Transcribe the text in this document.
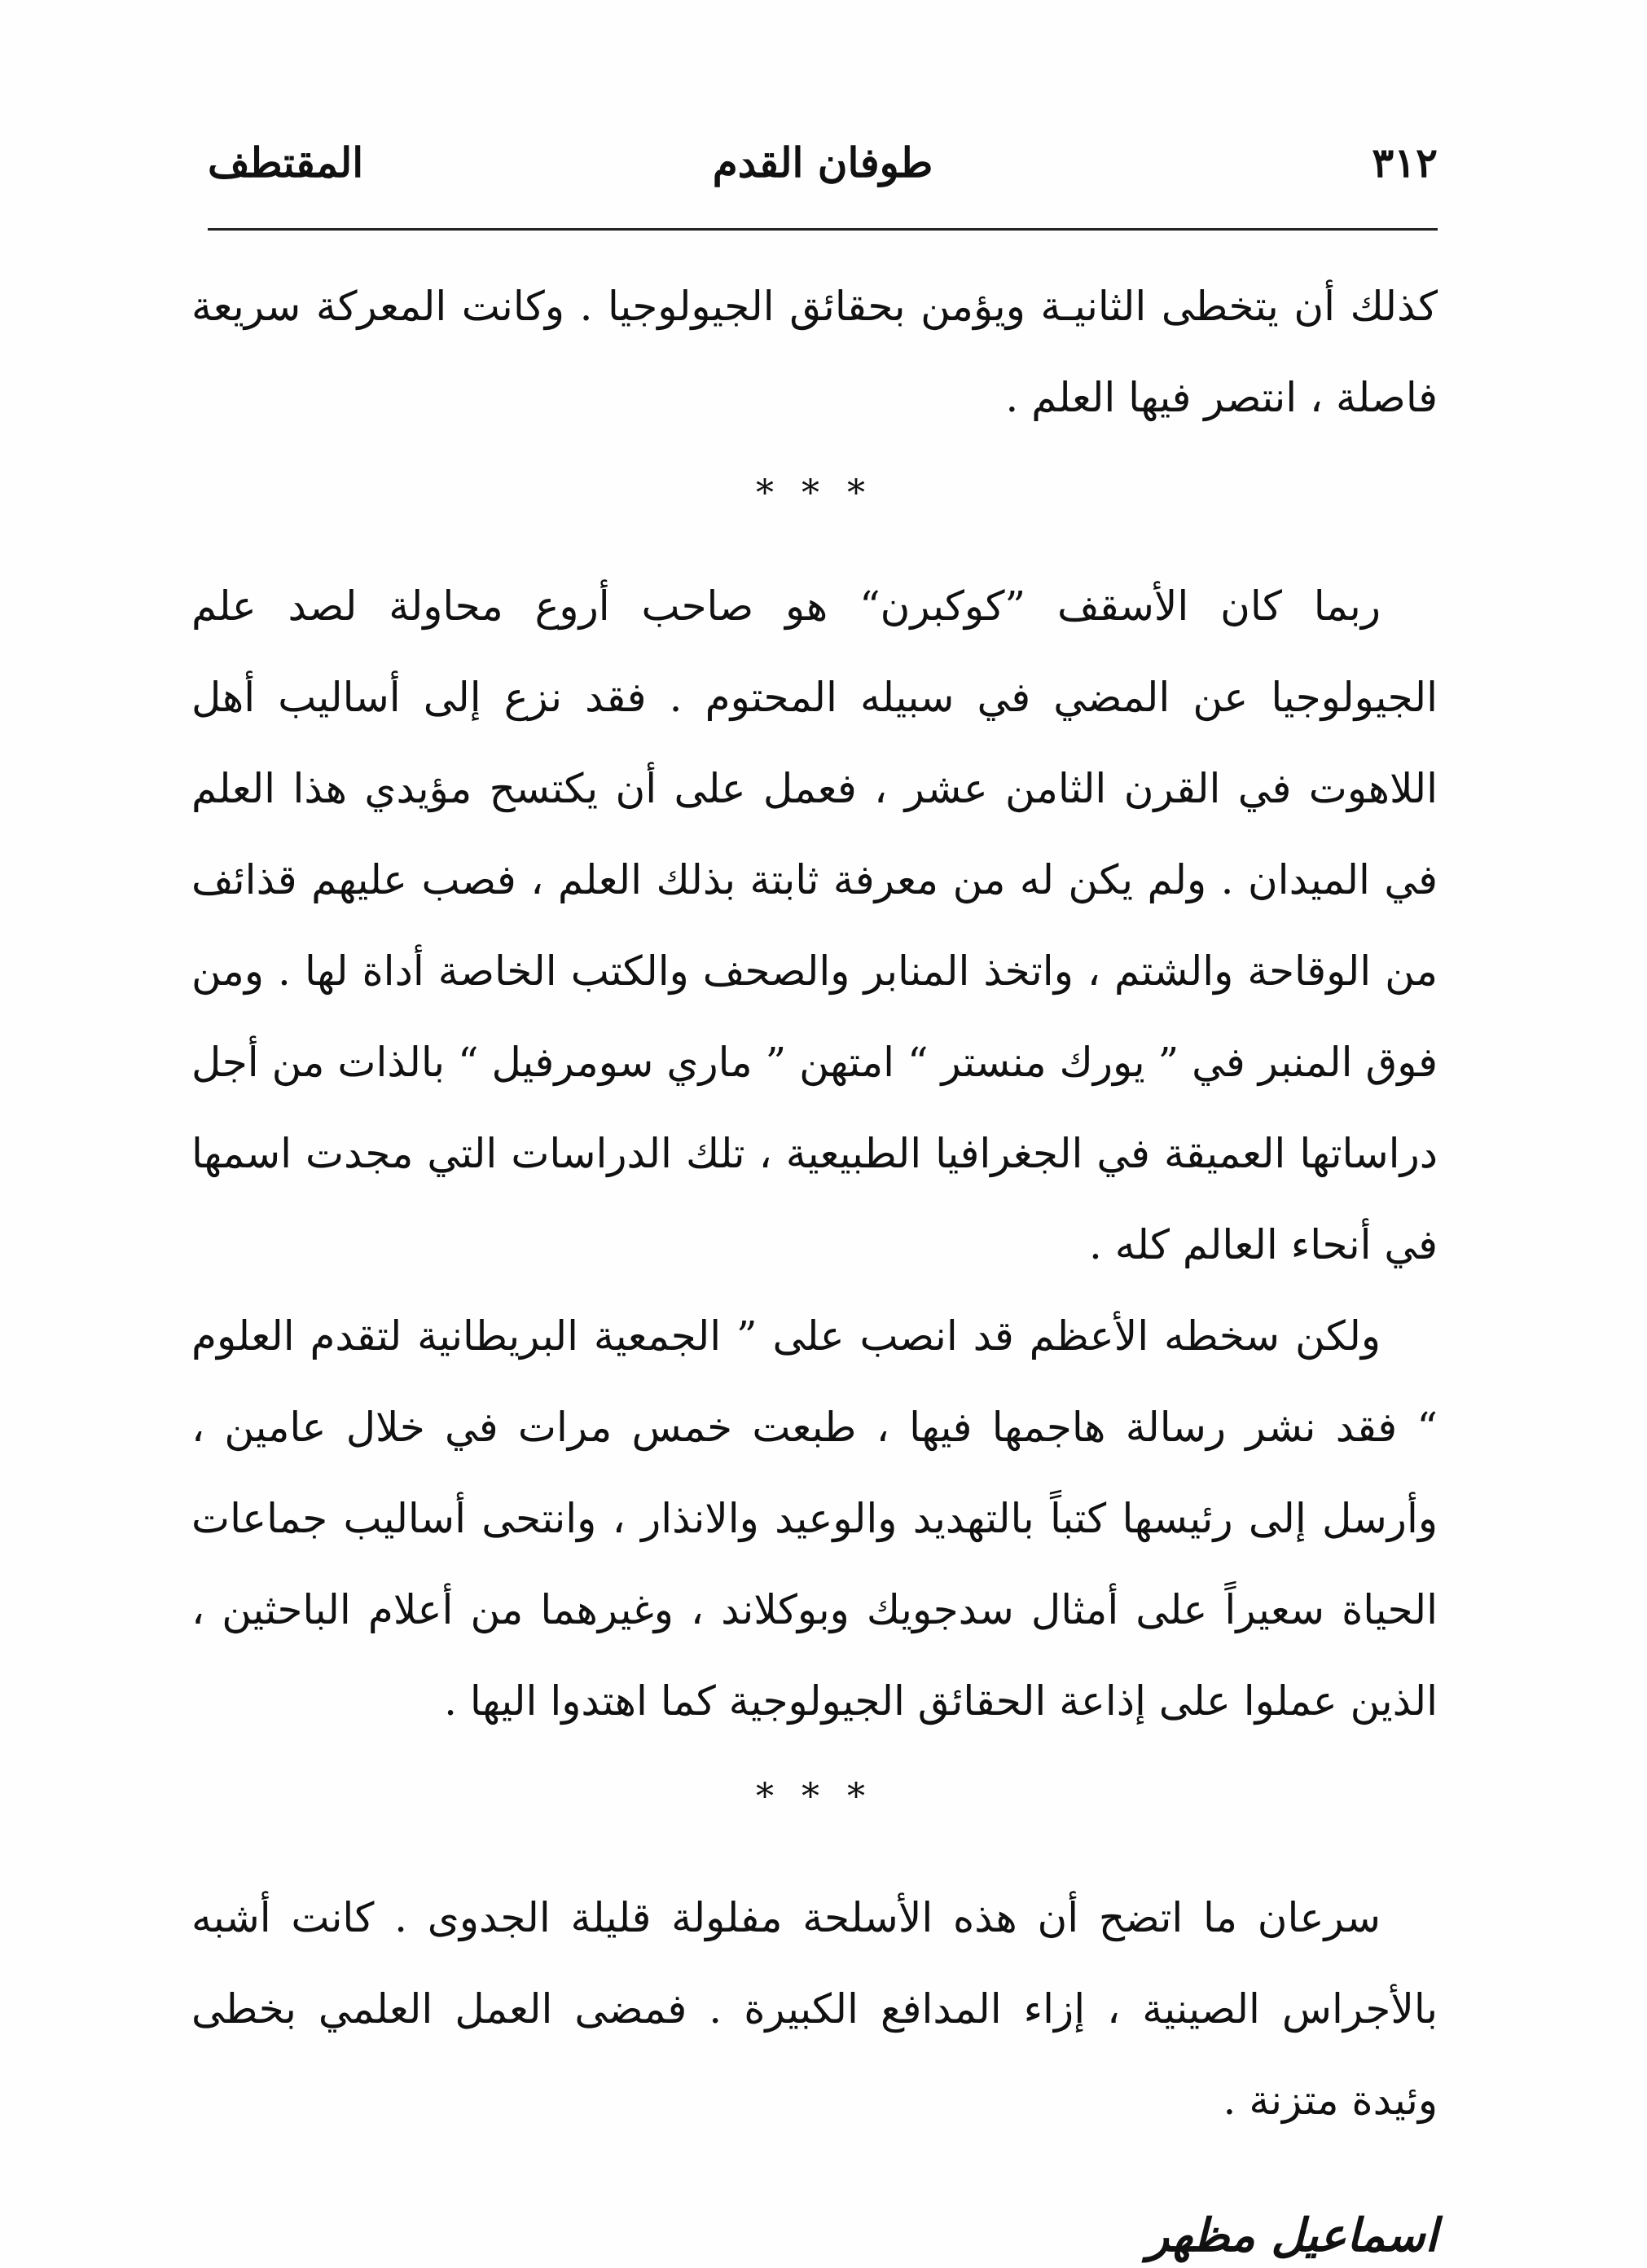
٣١٢
طوفان القدم
المقتطف

كذلك أن يتخطى الثانيـة ويؤمن بحقائق الجيولوجيا . وكانت المعركة سريعة فاصلة ، انتصر فيها العلم .

* * *

ربما كان الأسقف ”كوكبرن“ هو صاحب أروع محاولة لصد علم الجيولوجيا عن المضي في سبيله المحتوم . فقد نزع إلى أساليب أهل اللاهوت في القرن الثامن عشر ، فعمل على أن يكتسح مؤيدي هذا العلم في الميدان . ولم يكن له من معرفة ثابتة بذلك العلم ، فصب عليهم قذائف من الوقاحة والشتم ، واتخذ المنابر والصحف والكتب الخاصة أداة لها . ومن فوق المنبر في ” يورك منستر “ امتهن ” ماري سومرفيل “ بالذات من أجل دراساتها العميقة في الجغرافيا الطبيعية ، تلك الدراسات التي مجدت اسمها في أنحاء العالم كله .

ولكن سخطه الأعظم قد انصب على ” الجمعية البريطانية لتقدم العلوم “ فقد نشر رسالة هاجمها فيها ، طبعت خمس مرات في خلال عامين ، وأرسل إلى رئيسها كتباً بالتهديد والوعيد والانذار ، وانتحى أساليب جماعات الحياة سعيراً على أمثال سدجويك وبوكلاند ، وغيرهما من أعلام الباحثين ، الذين عملوا على إذاعة الحقائق الجيولوجية كما اهتدوا اليها .

* * *

سرعان ما اتضح أن هذه الأسلحة مفلولة قليلة الجدوى . كانت أشبه بالأجراس الصينية ، إزاء المدافع الكبيرة . فمضى العمل العلمي بخطى وئيدة متزنة .

اسماعيل مظهر
